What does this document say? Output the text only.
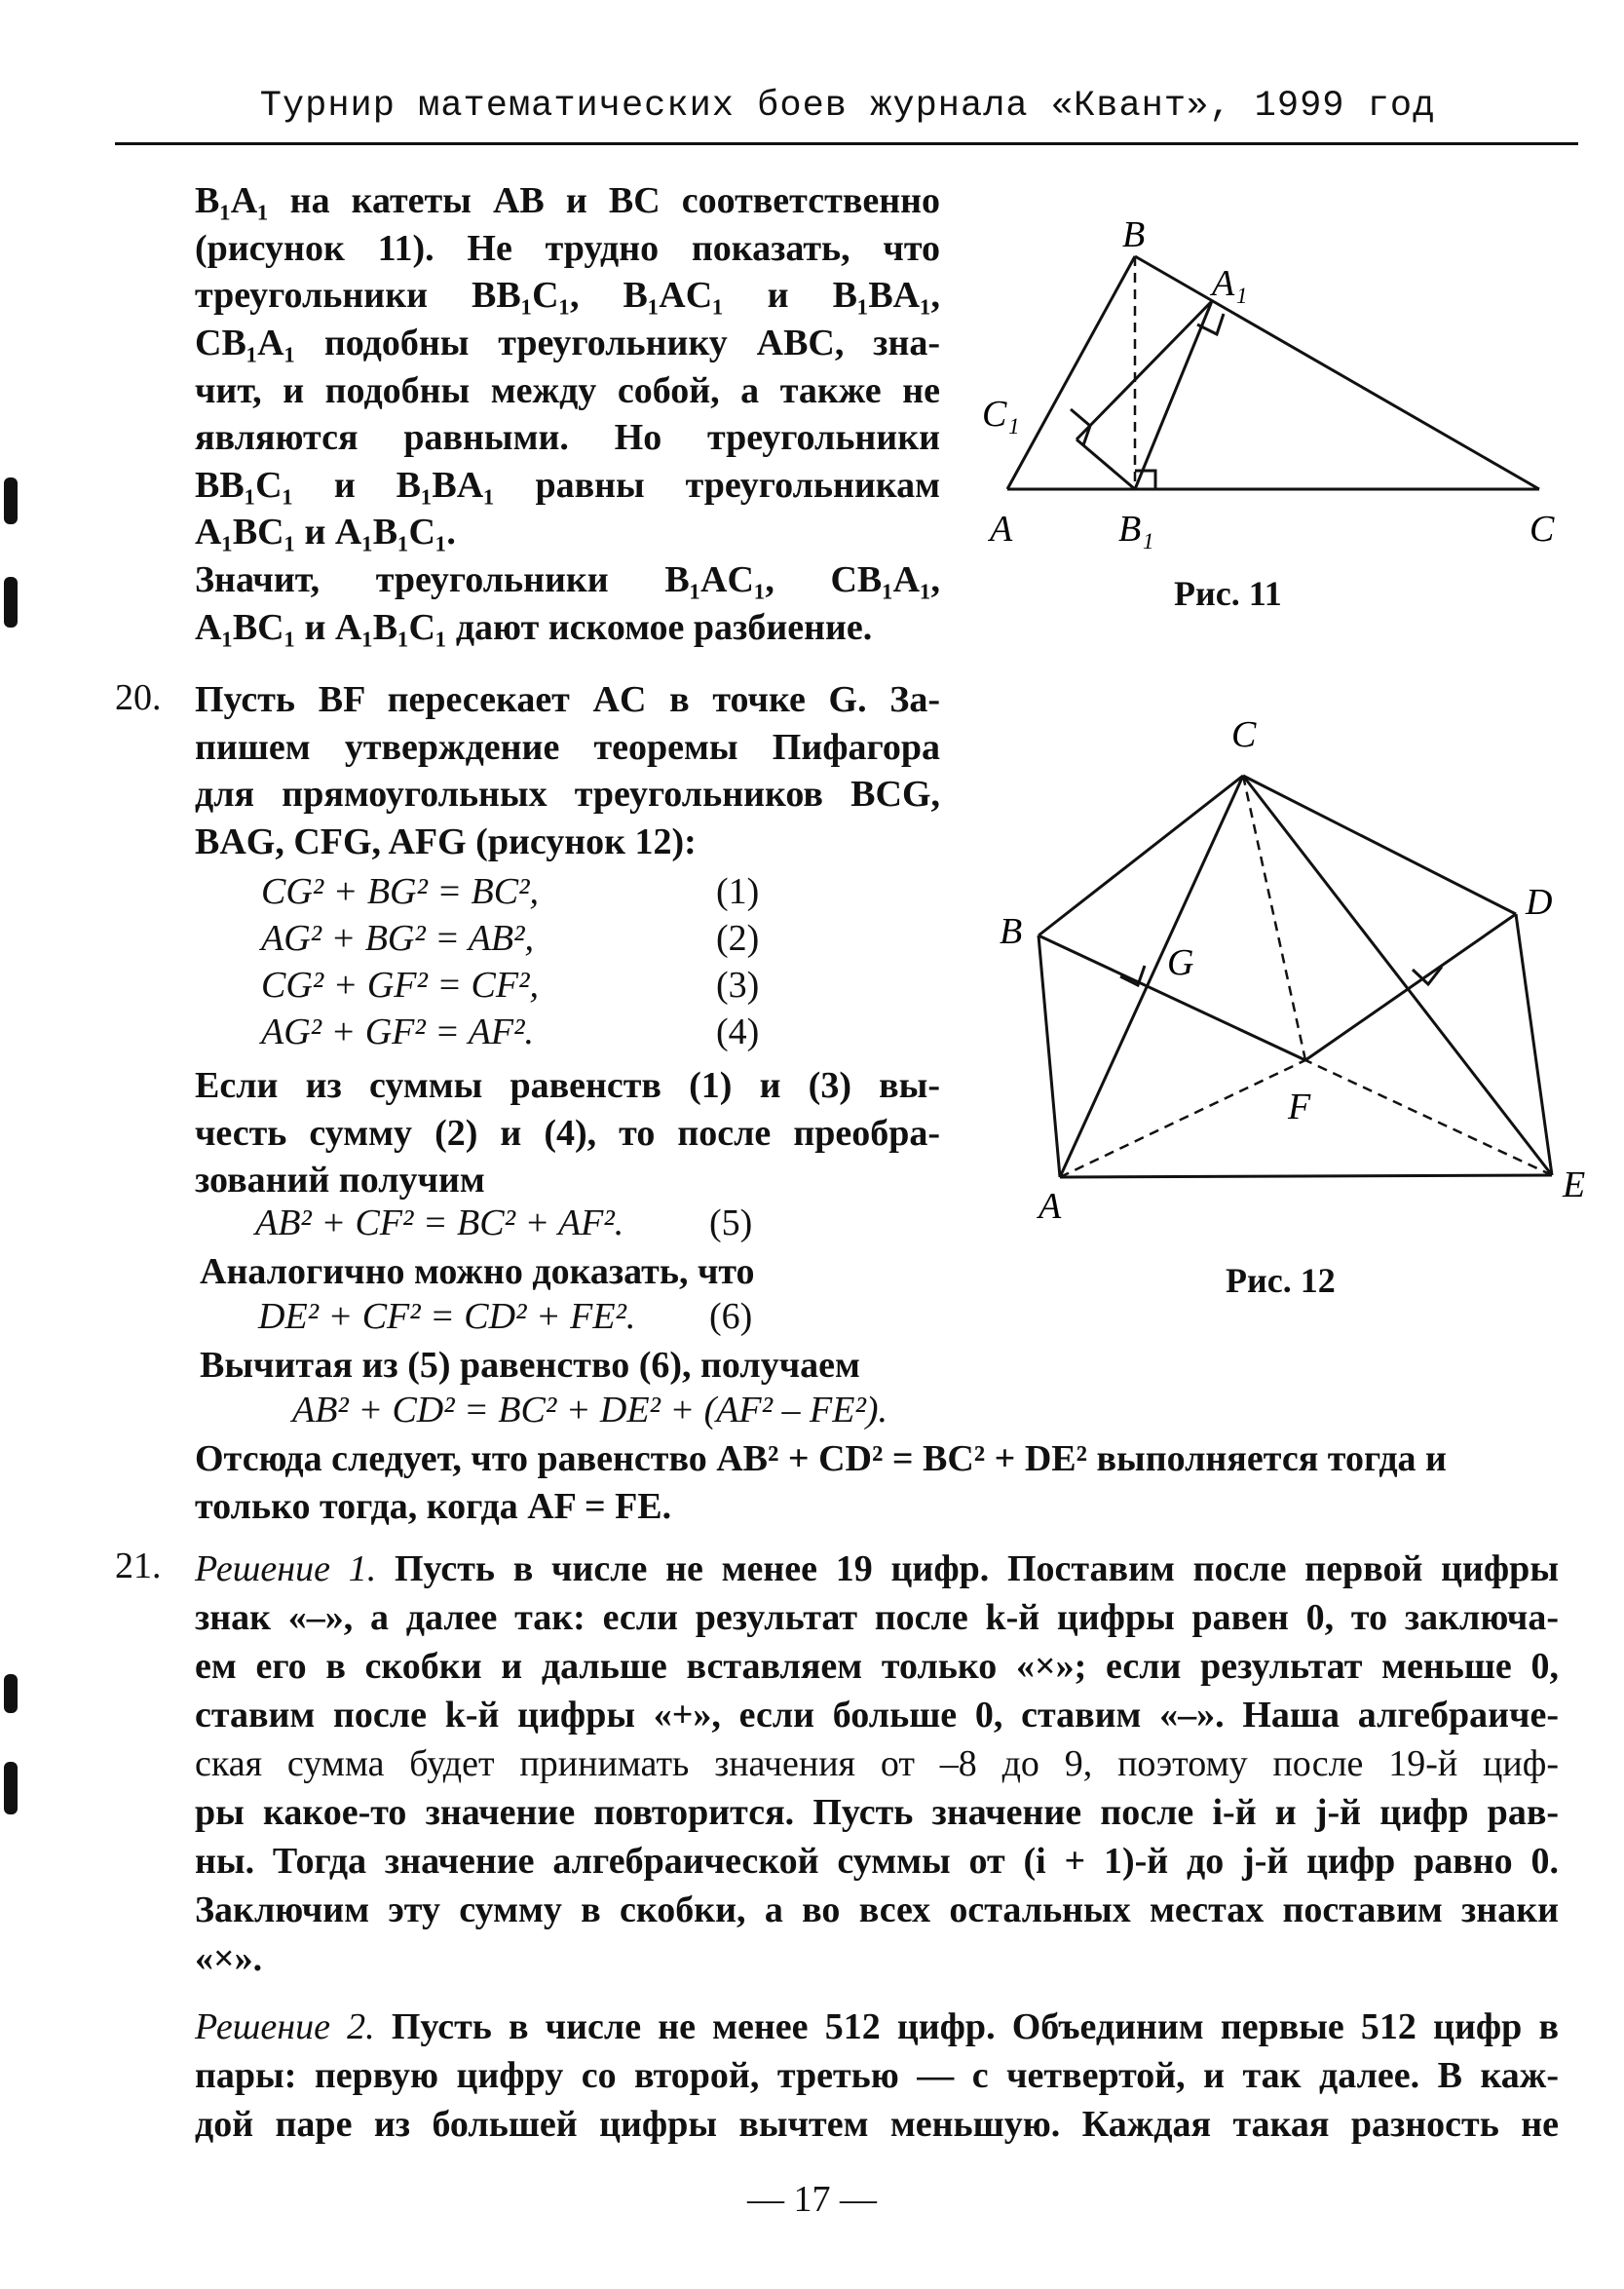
Турнир математических боев журнала «Квант», 1999 год
B₁A₁ на катеты AB и BC соответственно
(рисунок 11). Не трудно показать, что
треугольники BB₁C₁, B₁AC₁ и B₁BA₁,
CB₁A₁ подобны треугольнику ABC, зна-
чит, и подобны между собой, а также не
являются равными. Но треугольники
BB₁C₁ и B₁BA₁ равны треугольникам
A₁BC₁ и A₁B₁C₁.
Значит, треугольники B₁AC₁, CB₁A₁,
A₁BC₁ и A₁B₁C₁ дают искомое разбиение.
B
A₁
C₁
A	B₁	C
Рис. 11
20. Пусть BF пересекает AC в точке G. За-
пишем утверждение теоремы Пифагора
для прямоугольных треугольников BCG,
BAG, CFG, AFG (рисунок 12):
CG² + BG² = BC²,	(1)
AG² + BG² = AB²,	(2)
CG² + GF² = CF²,	(3)
AG² + GF² = AF².	(4)
Если из суммы равенств (1) и (3) вы-
честь сумму (2) и (4), то после преобра-
зований получим
AB² + CF² = BC² + AF². (5)
Аналогично можно доказать, что
DE² + CF² = CD² + FE². (6)
Вычитая из (5) равенство (6), получаем
AB² + CD² = BC² + DE² + (AF² – FE²).
Отсюда следует, что равенство AB² + CD² = BC² + DE² выполняется тогда и
только тогда, когда AF = FE.
C
B
D
G
F
A
E
Рис. 12
21. Решение 1. Пусть в числе не менее 19 цифр. Поставим после первой цифры
знак «–», а далее так: если результат после k-й цифры равен 0, то заключа-
ем его в скобки и дальше вставляем только «×»; если результат меньше 0,
ставим после k-й цифры «+», если больше 0, ставим «–». Наша алгебраиче-
ская сумма будет принимать значения от –8 до 9, поэтому после 19-й циф-
ры какое-то значение повторится. Пусть значение после i-й и j-й цифр рав-
ны. Тогда значение алгебраической суммы от (i + 1)-й до j-й цифр равно 0.
Заключим эту сумму в скобки, а во всех остальных местах поставим знаки
«×».
Решение 2. Пусть в числе не менее 512 цифр. Объединим первые 512 цифр в
пары: первую цифру со второй, третью — с четвертой, и так далее. В каж-
дой паре из большей цифры вычтем меньшую. Каждая такая разность не
— 17 —
